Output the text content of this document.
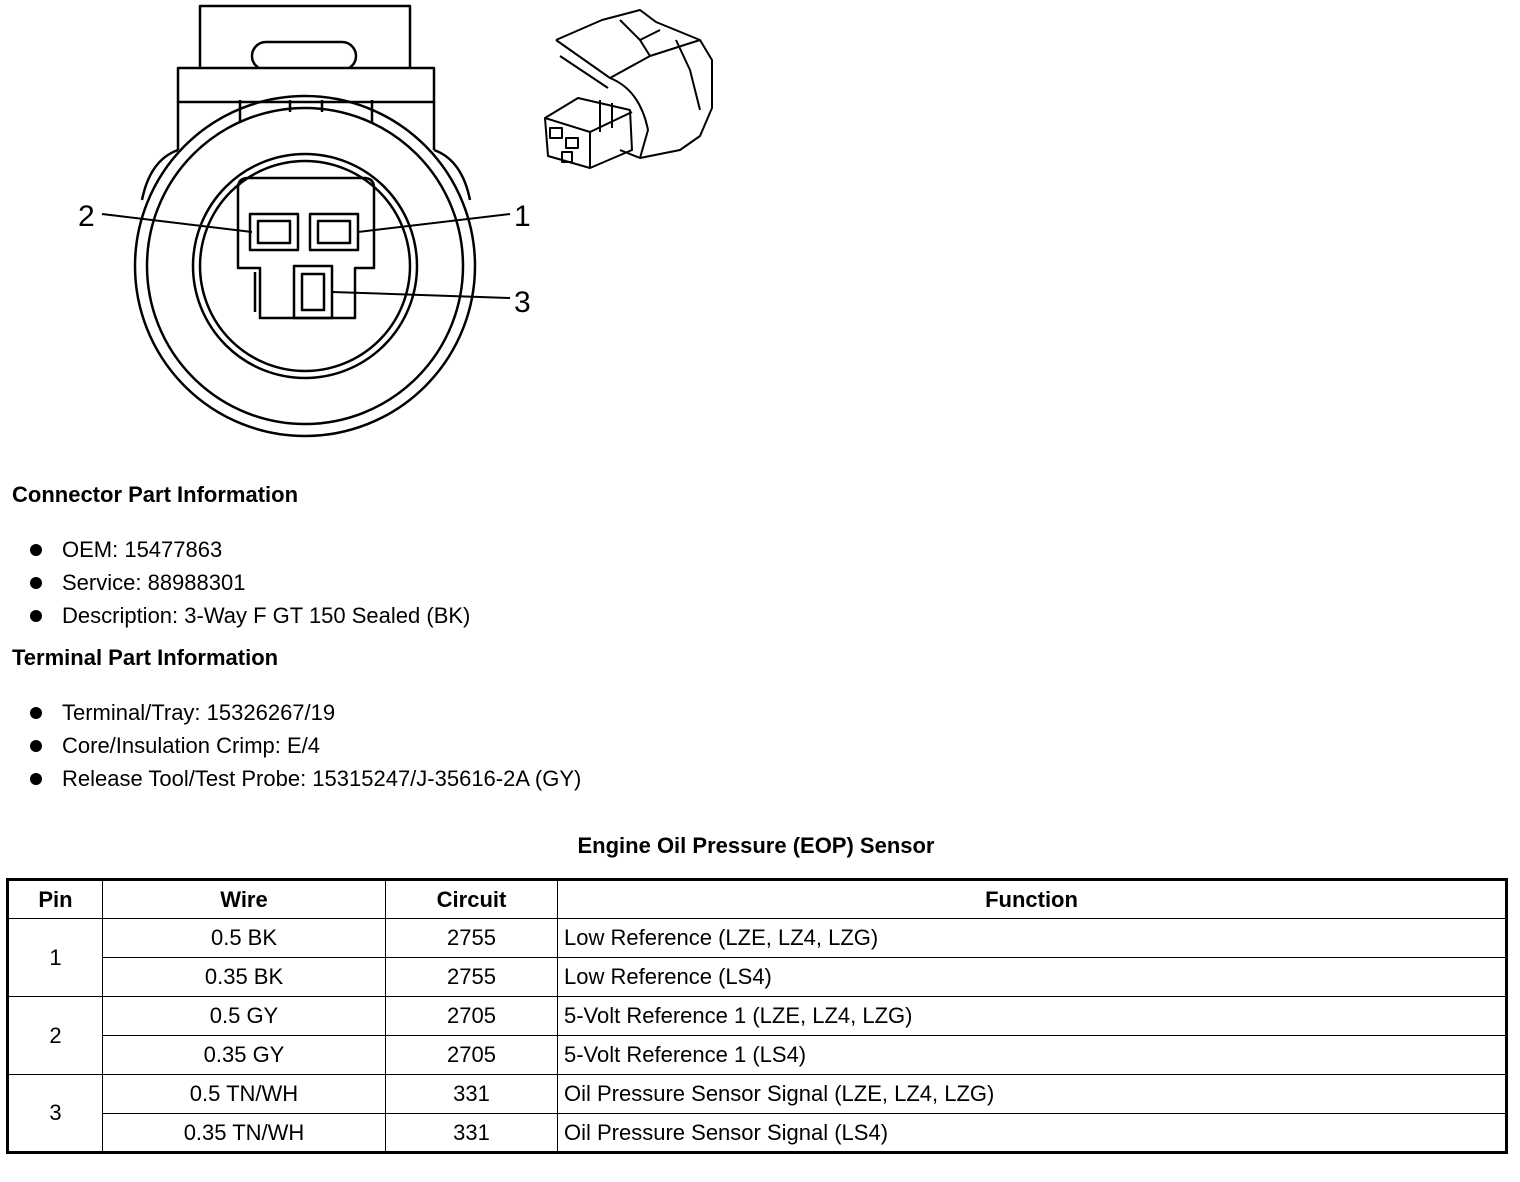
2	1
3
Connector Part Information
OEM: 15477863
Service: 88988301
Description: 3-Way F GT 150 Sealed (BK)
Terminal Part Information
Terminal/Tray: 15326267/19
Core/Insulation Crimp: E/4
Release Tool/Test Probe: 15315247/J-35616-2A (GY)
Engine Oil Pressure (EOP) Sensor
Pin	Wire	Circuit	Function
1	0.5 BK	2755	Low Reference (LZE, LZ4, LZG)
	0.35 BK	2755	Low Reference (LS4)
2	0.5 GY	2705	5-Volt Reference 1 (LZE, LZ4, LZG)
	0.35 GY	2705	5-Volt Reference 1 (LS4)
3	0.5 TN/WH	331	Oil Pressure Sensor Signal (LZE, LZ4, LZG)
	0.35 TN/WH	331	Oil Pressure Sensor Signal (LS4)
